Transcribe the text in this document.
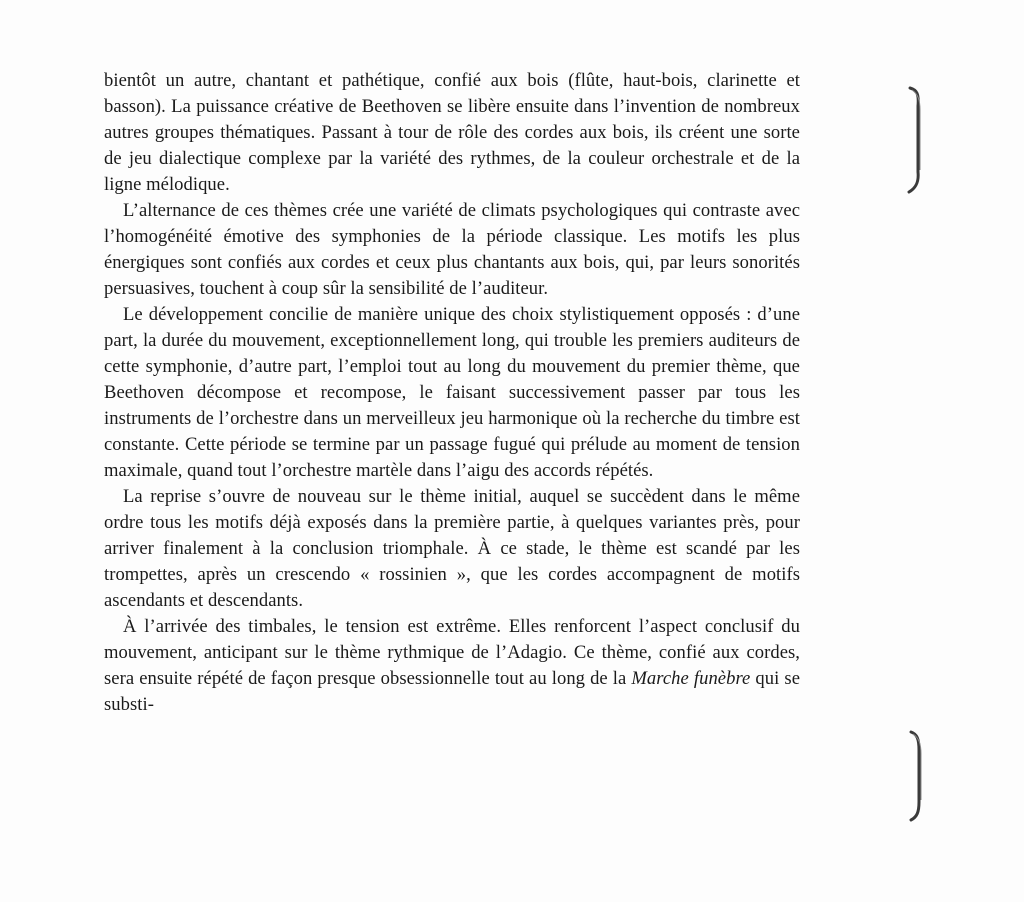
bientôt un autre, chantant et pathétique, confié aux bois (flûte, haut-bois, clarinette et basson). La puissance créative de Beethoven se libère ensuite dans l’invention de nombreux autres groupes thématiques. Passant à tour de rôle des cordes aux bois, ils créent une sorte de jeu dialectique complexe par la variété des rythmes, de la couleur orchestrale et de la ligne mélodique.

L’alternance de ces thèmes crée une variété de climats psychologiques qui contraste avec l’homogénéité émotive des symphonies de la période classique. Les motifs les plus énergiques sont confiés aux cordes et ceux plus chantants aux bois, qui, par leurs sonorités persuasives, touchent à coup sûr la sensibilité de l’auditeur.

Le développement concilie de manière unique des choix stylistiquement opposés : d’une part, la durée du mouvement, exceptionnellement long, qui trouble les premiers auditeurs de cette symphonie, d’autre part, l’emploi tout au long du mouvement du premier thème, que Beethoven décompose et recompose, le faisant successivement passer par tous les instruments de l’orchestre dans un merveilleux jeu harmonique où la recherche du timbre est constante. Cette période se termine par un passage fugué qui prélude au moment de tension maximale, quand tout l’orchestre martèle dans l’aigu des accords répétés.

La reprise s’ouvre de nouveau sur le thème initial, auquel se succèdent dans le même ordre tous les motifs déjà exposés dans la première partie, à quelques variantes près, pour arriver finalement à la conclusion triomphale. À ce stade, le thème est scandé par les trompettes, après un crescendo « rossinien », que les cordes accompagnent de motifs ascendants et descendants.

À l’arrivée des timbales, le tension est extrême. Elles renforcent l’aspect conclusif du mouvement, anticipant sur le thème rythmique de l’Adagio. Ce thème, confié aux cordes, sera ensuite répété de façon presque obsessionnelle tout au long de la Marche funèbre qui se substi-
